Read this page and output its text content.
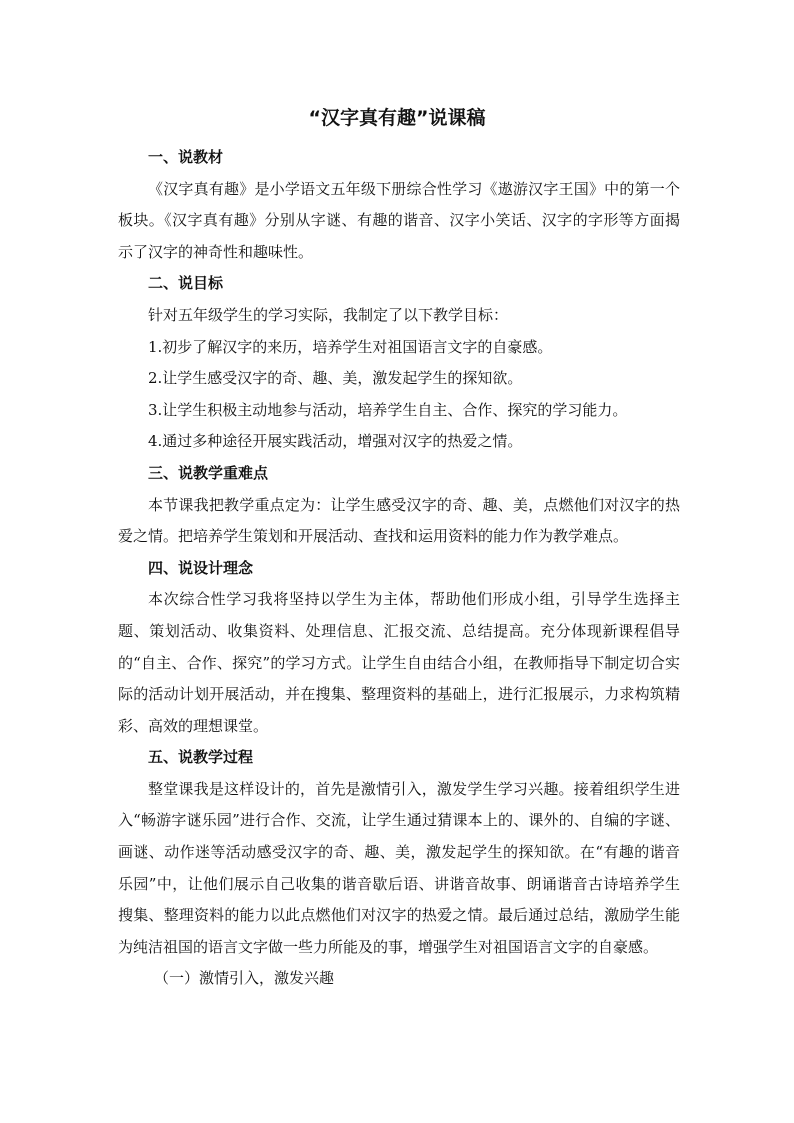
“汉字真有趣”说课稿

一、说教材

《汉字真有趣》是小学语文五年级下册综合性学习《遨游汉字王国》中的第一个板块。《汉字真有趣》分别从字谜、有趣的谐音、汉字小笑话、汉字的字形等方面揭示了汉字的神奇性和趣味性。

二、说目标

针对五年级学生的学习实际，我制定了以下教学目标：

1.初步了解汉字的来历，培养学生对祖国语言文字的自豪感。

2.让学生感受汉字的奇、趣、美，激发起学生的探知欲。

3.让学生积极主动地参与活动，培养学生自主、合作、探究的学习能力。

4.通过多种途径开展实践活动，增强对汉字的热爱之情。

三、说教学重难点

本节课我把教学重点定为：让学生感受汉字的奇、趣、美，点燃他们对汉字的热爱之情。把培养学生策划和开展活动、查找和运用资料的能力作为教学难点。

四、说设计理念

本次综合性学习我将坚持以学生为主体，帮助他们形成小组，引导学生选择主题、策划活动、收集资料、处理信息、汇报交流、总结提高。充分体现新课程倡导的“自主、合作、探究”的学习方式。让学生自由结合小组，在教师指导下制定切合实际的活动计划开展活动，并在搜集、整理资料的基础上，进行汇报展示，力求构筑精彩、高效的理想课堂。

五、说教学过程

整堂课我是这样设计的，首先是激情引入，激发学生学习兴趣。接着组织学生进入“畅游字谜乐园”进行合作、交流，让学生通过猜课本上的、课外的、自编的字谜、画谜、动作迷等活动感受汉字的奇、趣、美，激发起学生的探知欲。在“有趣的谐音乐园”中，让他们展示自己收集的谐音歇后语、讲谐音故事、朗诵谐音古诗培养学生搜集、整理资料的能力以此点燃他们对汉字的热爱之情。最后通过总结，激励学生能为纯洁祖国的语言文字做一些力所能及的事，增强学生对祖国语言文字的自豪感。

（一）激情引入，激发兴趣
